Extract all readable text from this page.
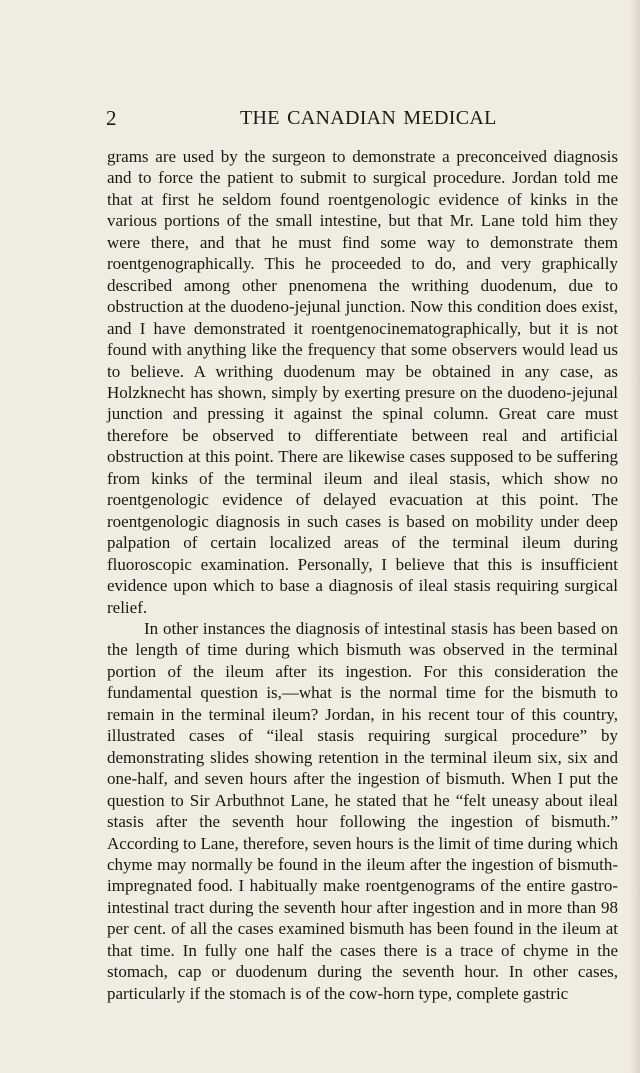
2	THE CANADIAN MEDICAL

grams are used by the surgeon to demonstrate a preconceived diagnosis and to force the patient to submit to surgical procedure. Jordan told me that at first he seldom found roentgenologic evidence of kinks in the various portions of the small intestine, but that Mr. Lane told him they were there, and that he must find some way to demonstrate them roentgenographically. This he proceeded to do, and very graphically described among other pnenomena the writhing duodenum, due to obstruction at the duodeno-jejunal junction. Now this condition does exist, and I have demonstrated it roentgenocinematographically, but it is not found with anything like the frequency that some observers would lead us to believe. A writhing duodenum may be obtained in any case, as Holzknecht has shown, simply by exerting presure on the duodeno-jejunal junction and pressing it against the spinal column. Great care must therefore be observed to differentiate between real and artificial obstruction at this point. There are likewise cases supposed to be suffering from kinks of the terminal ileum and ileal stasis, which show no roentgenologic evidence of delayed evacuation at this point. The roentgenologic diagnosis in such cases is based on mobility under deep palpation of certain localized areas of the terminal ileum during fluoroscopic examination. Personally, I believe that this is insufficient evidence upon which to base a diagnosis of ileal stasis requiring surgical relief.

In other instances the diagnosis of intestinal stasis has been based on the length of time during which bismuth was observed in the terminal portion of the ileum after its ingestion. For this consideration the fundamental question is,—what is the normal time for the bismuth to remain in the terminal ileum? Jordan, in his recent tour of this country, illustrated cases of “ileal stasis requiring surgical procedure” by demonstrating slides showing retention in the terminal ileum six, six and one-half, and seven hours after the ingestion of bismuth. When I put the question to Sir Arbuthnot Lane, he stated that he “felt uneasy about ileal stasis after the seventh hour following the ingestion of bismuth.” According to Lane, therefore, seven hours is the limit of time during which chyme may normally be found in the ileum after the ingestion of bismuth-impregnated food. I habitually make roentgenograms of the entire gastro-intestinal tract during the seventh hour after ingestion and in more than 98 per cent. of all the cases examined bismuth has been found in the ileum at that time. In fully one half the cases there is a trace of chyme in the stomach, cap or duodenum during the seventh hour. In other cases, particularly if the stomach is of the cow-horn type, complete gastric
